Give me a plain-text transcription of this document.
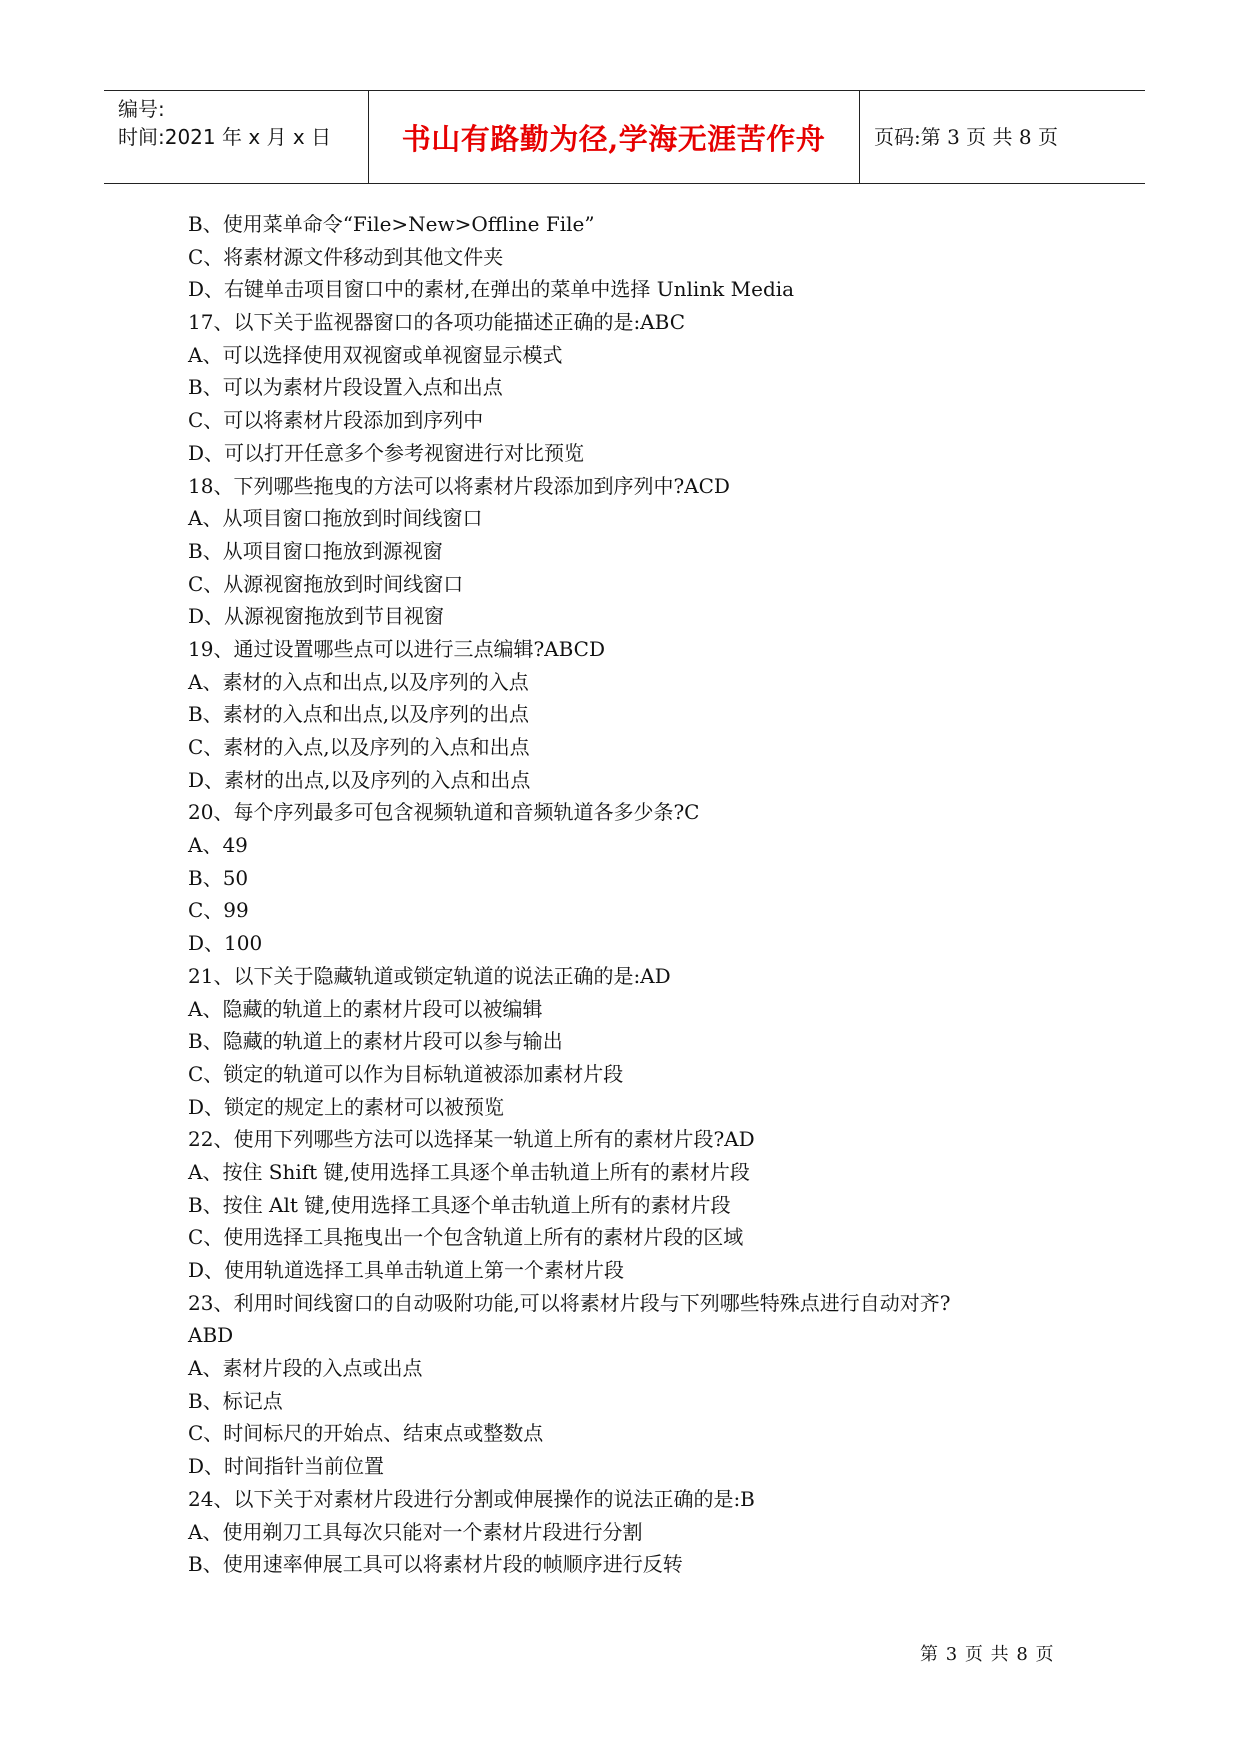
编号:
时间:2021 年 x 月 x 日	书山有路勤为径,学海无涯苦作舟	页码:第 3 页 共 8 页
B、使用菜单命令“File>New>Offline File”
C、将素材源文件移动到其他文件夹
D、右键单击项目窗口中的素材,在弹出的菜单中选择 Unlink Media
17、以下关于监视器窗口的各项功能描述正确的是:ABC
A、可以选择使用双视窗或单视窗显示模式
B、可以为素材片段设置入点和出点
C、可以将素材片段添加到序列中
D、可以打开任意多个参考视窗进行对比预览
18、下列哪些拖曳的方法可以将素材片段添加到序列中?ACD
A、从项目窗口拖放到时间线窗口
B、从项目窗口拖放到源视窗
C、从源视窗拖放到时间线窗口
D、从源视窗拖放到节目视窗
19、通过设置哪些点可以进行三点编辑?ABCD
A、素材的入点和出点,以及序列的入点
B、素材的入点和出点,以及序列的出点
C、素材的入点,以及序列的入点和出点
D、素材的出点,以及序列的入点和出点
20、每个序列最多可包含视频轨道和音频轨道各多少条?C
A、49
B、50
C、99
D、100
21、以下关于隐藏轨道或锁定轨道的说法正确的是:AD
A、隐藏的轨道上的素材片段可以被编辑
B、隐藏的轨道上的素材片段可以参与输出
C、锁定的轨道可以作为目标轨道被添加素材片段
D、锁定的规定上的素材可以被预览
22、使用下列哪些方法可以选择某一轨道上所有的素材片段?AD
A、按住 Shift 键,使用选择工具逐个单击轨道上所有的素材片段
B、按住 Alt 键,使用选择工具逐个单击轨道上所有的素材片段
C、使用选择工具拖曳出一个包含轨道上所有的素材片段的区域
D、使用轨道选择工具单击轨道上第一个素材片段
23、利用时间线窗口的自动吸附功能,可以将素材片段与下列哪些特殊点进行自动对齐?
ABD
A、素材片段的入点或出点
B、标记点
C、时间标尺的开始点、结束点或整数点
D、时间指针当前位置
24、以下关于对素材片段进行分割或伸展操作的说法正确的是:B
A、使用剃刀工具每次只能对一个素材片段进行分割
B、使用速率伸展工具可以将素材片段的帧顺序进行反转
第 3 页 共 8 页
